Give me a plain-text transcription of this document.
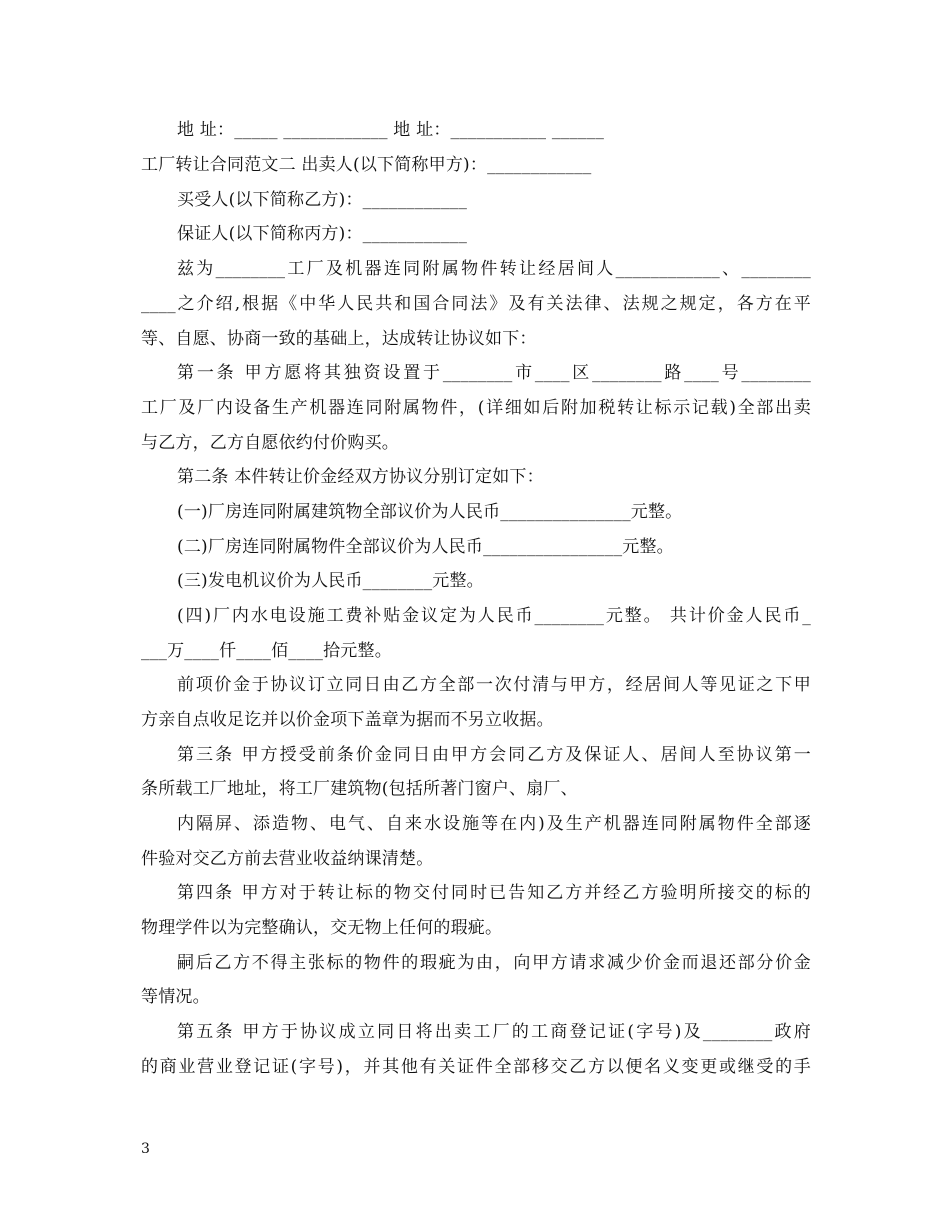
地 址：_____ ____________ 地 址：___________ ______
工厂转让合同范文二 出卖人(以下简称甲方)：____________
买受人(以下简称乙方)：____________
保证人(以下简称丙方)：____________
兹为________工厂及机器连同附属物件转让经居间人____________、________
____之介绍,根据《中华人民共和国合同法》及有关法律、法规之规定，各方在平
等、自愿、协商一致的基础上，达成转让协议如下：
第一条 甲方愿将其独资设置于________市____区________路____号________
工厂及厂内设备生产机器连同附属物件，(详细如后附加税转让标示记载)全部出卖
与乙方，乙方自愿依约付价购买。
第二条 本件转让价金经双方协议分别订定如下：
(一)厂房连同附属建筑物全部议价为人民币_______________元整。
(二)厂房连同附属物件全部议价为人民币________________元整。
(三)发电机议价为人民币________元整。
(四)厂内水电设施工费补贴金议定为人民币________元整。 共计价金人民币_
___万____仟____佰____拾元整。
前项价金于协议订立同日由乙方全部一次付清与甲方，经居间人等见证之下甲
方亲自点收足讫并以价金项下盖章为据而不另立收据。
第三条 甲方授受前条价金同日由甲方会同乙方及保证人、居间人至协议第一
条所载工厂地址，将工厂建筑物(包括所著门窗户、扇厂、
内隔屏、添造物、电气、自来水设施等在内)及生产机器连同附属物件全部逐
件验对交乙方前去营业收益纳课清楚。
第四条 甲方对于转让标的物交付同时已告知乙方并经乙方验明所接交的标的
物理学件以为完整确认，交无物上任何的瑕疵。
嗣后乙方不得主张标的物件的瑕疵为由，向甲方请求减少价金而退还部分价金
等情况。
第五条 甲方于协议成立同日将出卖工厂的工商登记证(字号)及________政府
的商业营业登记证(字号)，并其他有关证件全部移交乙方以便名义变更或继受的手
3
